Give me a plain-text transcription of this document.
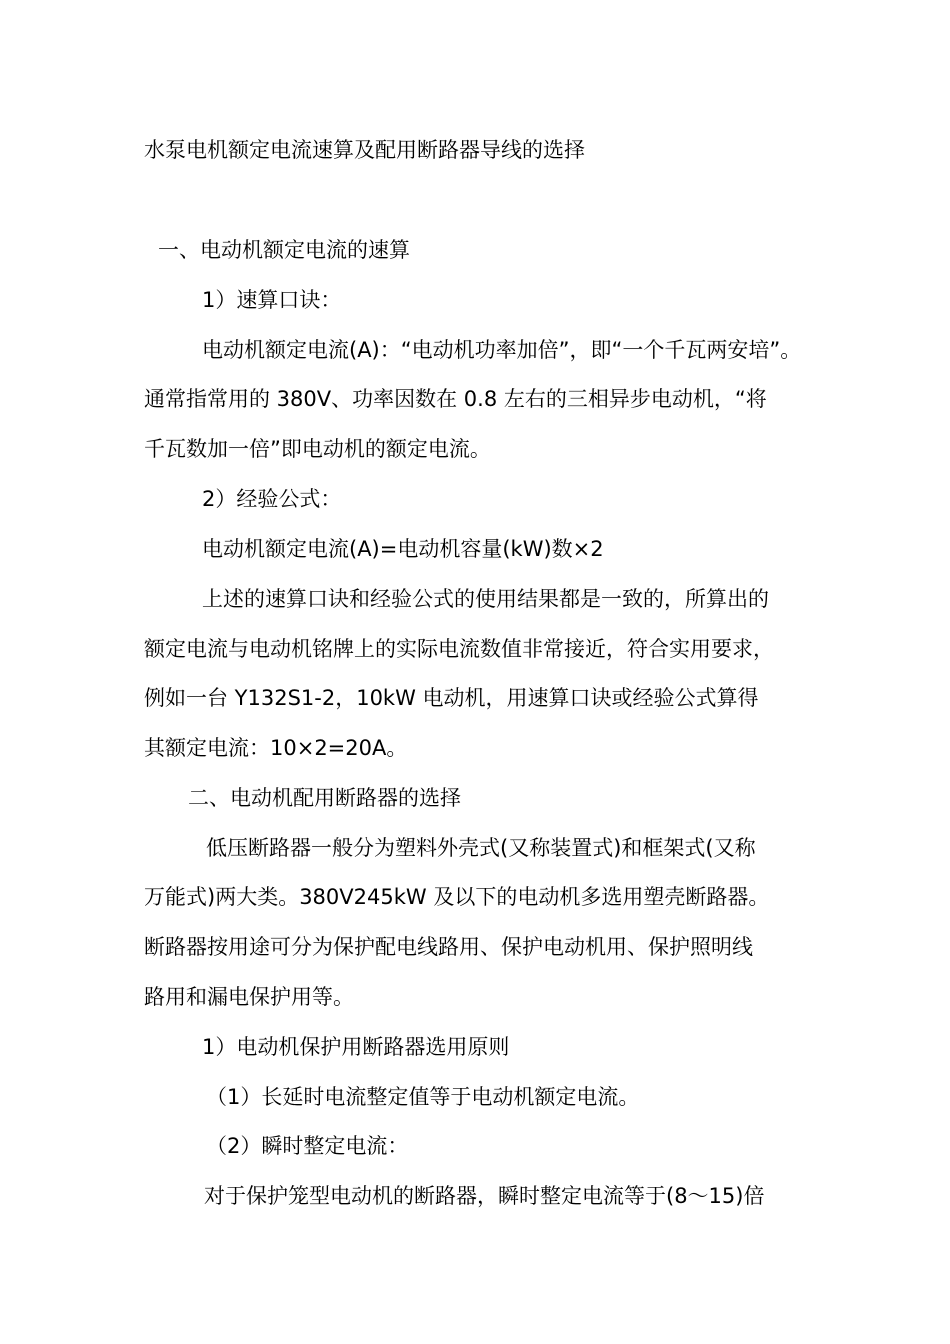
水泵电机额定电流速算及配用断路器导线的选择
一、电动机额定电流的速算
1）速算口诀：
电动机额定电流(A)：“电动机功率加倍”，即“一个千瓦两安培”。
通常指常用的 380V、功率因数在 0.8 左右的三相异步电动机，“将
千瓦数加一倍”即电动机的额定电流。
2）经验公式：
电动机额定电流(A)=电动机容量(kW)数×2
上述的速算口诀和经验公式的使用结果都是一致的，所算出的
额定电流与电动机铭牌上的实际电流数值非常接近，符合实用要求，
例如一台 Y132S1-2，10kW 电动机，用速算口诀或经验公式算得
其额定电流：10×2=20A。
二、电动机配用断路器的选择
低压断路器一般分为塑料外壳式(又称装置式)和框架式(又称
万能式)两大类。380V245kW 及以下的电动机多选用塑壳断路器。
断路器按用途可分为保护配电线路用、保护电动机用、保护照明线
路用和漏电保护用等。
1）电动机保护用断路器选用原则
（1）长延时电流整定值等于电动机额定电流。
（2）瞬时整定电流：
对于保护笼型电动机的断路器，瞬时整定电流等于(8～15)倍
